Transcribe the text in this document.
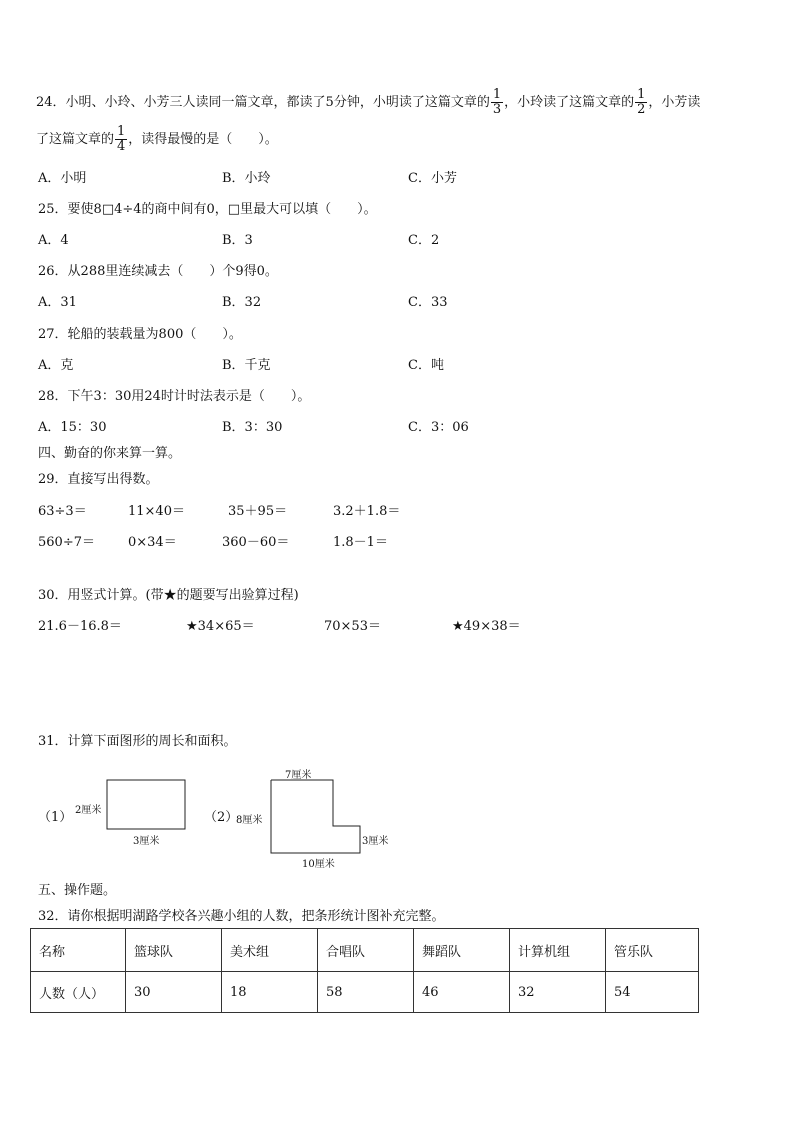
24．小明、小玲、小芳三人读同一篇文章，都读了5分钟，小明读了这篇文章的 $\frac{1}{3}$ ，小玲读了这篇文章的 $\frac{1}{2}$ ，小芳读
了这篇文章的 $\frac{1}{4}$ ，读得最慢的是（　　）。
A．小明	B．小玲	C．小芳
25．要使8□4÷4的商中间有0，□里最大可以填（　　）。
A．4	B．3	C．2
26．从288里连续减去（　　）个9得0。
A．31	B．32	C．33
27．轮船的装载量为800（　　）。
A．克	B．千克	C．吨
28．下午3：30用24时计时法表示是（　　）。
A．15：30	B．3：30	C．3：06
四、勤奋的你来算一算。
29．直接写出得数。
63÷3＝	11×40＝	35＋95＝	3.2＋1.8＝
560÷7＝	0×34＝	360－60＝	1.8－1＝
30．用竖式计算。(带★的题要写出验算过程)
21.6－16.8＝	★34×65＝	70×53＝	★49×38＝
31．计算下面图形的周长和面积。
（1） 2厘米
3厘米
（2）
7厘米
8厘米
3厘米
10厘米
五、操作题。
32．请你根据明湖路学校各兴趣小组的人数，把条形统计图补充完整。
名称	篮球队	美术组	合唱队	舞蹈队	计算机组	管乐队
人数（人）	30	18	58	46	32	54
